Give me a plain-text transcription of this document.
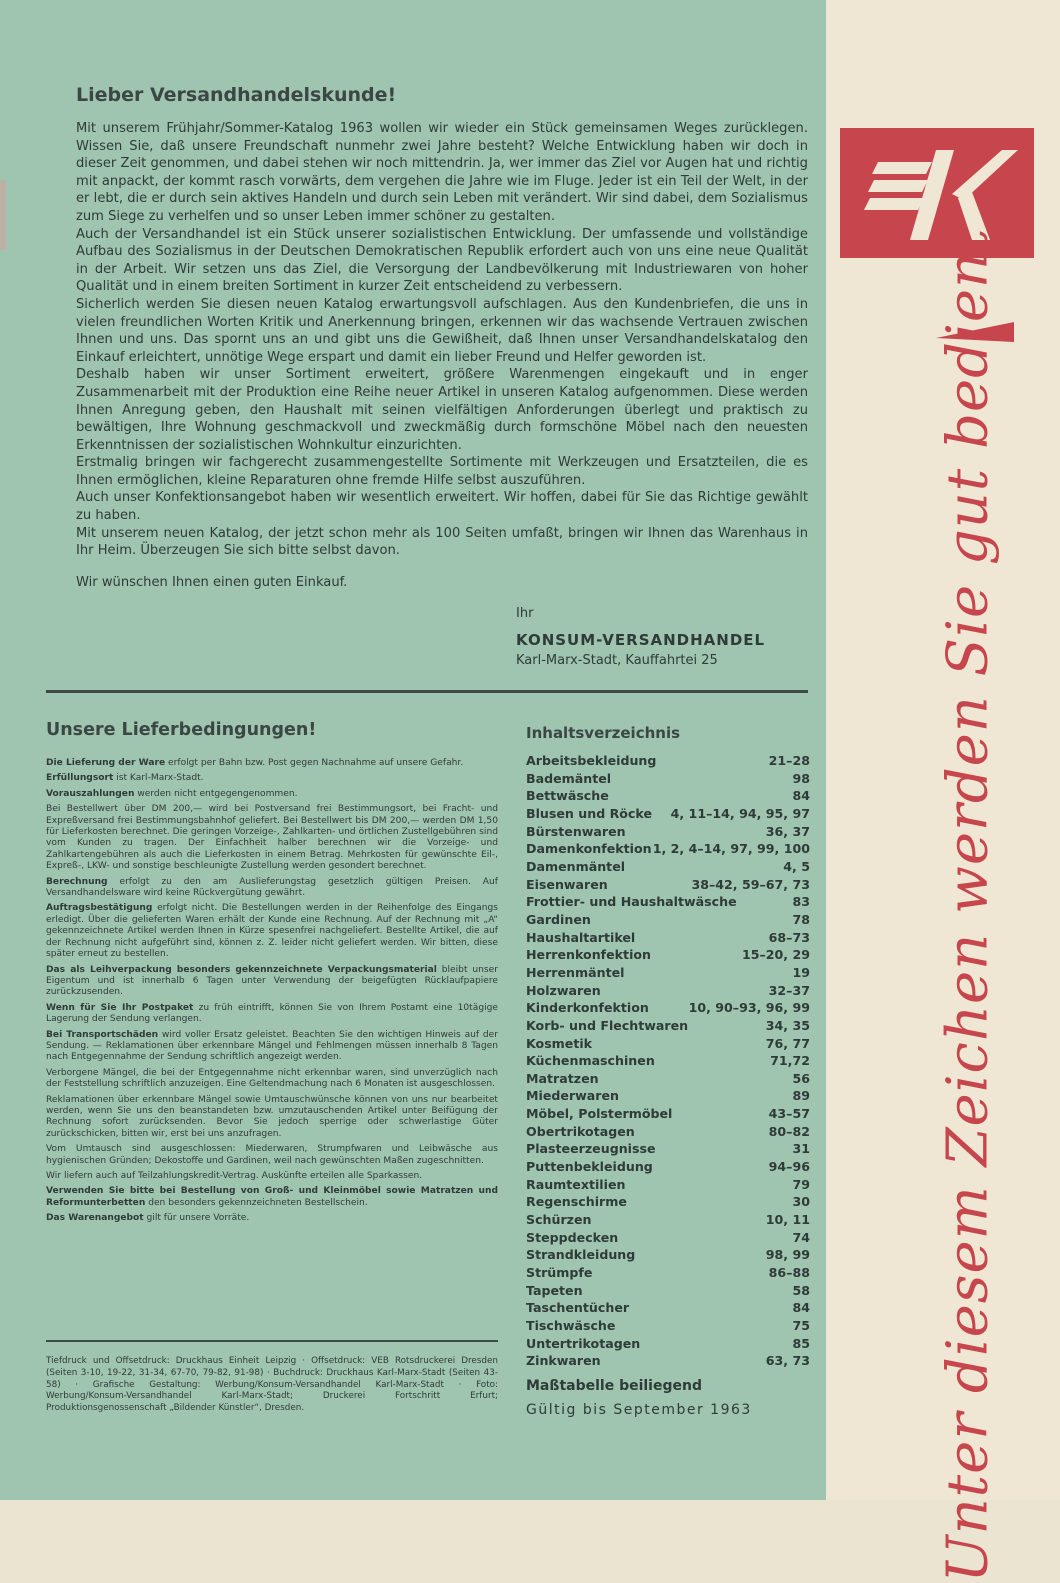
Unter diesem Zeichen werden Sie gut bedient
Lieber Versandhandelskunde!

Mit unserem Frühjahr/Sommer-Katalog 1963 wollen wir wieder ein Stück gemeinsamen Weges zurücklegen. Wissen Sie, daß unsere Freundschaft nunmehr zwei Jahre besteht? Welche Entwicklung haben wir doch in dieser Zeit genommen, und dabei stehen wir noch mittendrin. Ja, wer immer das Ziel vor Augen hat und richtig mit anpackt, der kommt rasch vorwärts, dem vergehen die Jahre wie im Fluge. Jeder ist ein Teil der Welt, in der er lebt, die er durch sein aktives Handeln und durch sein Leben mit verändert. Wir sind dabei, dem Sozialismus zum Siege zu verhelfen und so unser Leben immer schöner zu gestalten.

Auch der Versandhandel ist ein Stück unserer sozialistischen Entwicklung. Der umfassende und vollständige Aufbau des Sozialismus in der Deutschen Demokratischen Republik erfordert auch von uns eine neue Qualität in der Arbeit. Wir setzen uns das Ziel, die Versorgung der Landbevölkerung mit Industriewaren von hoher Qualität und in einem breiten Sortiment in kurzer Zeit entscheidend zu verbessern.

Sicherlich werden Sie diesen neuen Katalog erwartungsvoll aufschlagen. Aus den Kundenbriefen, die uns in vielen freundlichen Worten Kritik und Anerkennung bringen, erkennen wir das wachsende Vertrauen zwischen Ihnen und uns. Das spornt uns an und gibt uns die Gewißheit, daß Ihnen unser Versandhandelskatalog den Einkauf erleichtert, unnötige Wege erspart und damit ein lieber Freund und Helfer geworden ist.

Deshalb haben wir unser Sortiment erweitert, größere Warenmengen eingekauft und in enger Zusammenarbeit mit der Produktion eine Reihe neuer Artikel in unseren Katalog aufgenommen. Diese werden Ihnen Anregung geben, den Haushalt mit seinen vielfältigen Anforderungen überlegt und praktisch zu bewältigen, Ihre Wohnung geschmackvoll und zweckmäßig durch formschöne Möbel nach den neuesten Erkenntnissen der sozialistischen Wohnkultur einzurichten.

Erstmalig bringen wir fachgerecht zusammengestellte Sortimente mit Werkzeugen und Ersatzteilen, die es Ihnen ermöglichen, kleine Reparaturen ohne fremde Hilfe selbst auszuführen.

Auch unser Konfektionsangebot haben wir wesentlich erweitert. Wir hoffen, dabei für Sie das Richtige gewählt zu haben.

Mit unserem neuen Katalog, der jetzt schon mehr als 100 Seiten umfaßt, bringen wir Ihnen das Warenhaus in Ihr Heim. Überzeugen Sie sich bitte selbst davon.

Wir wünschen Ihnen einen guten Einkauf.
Ihr
KONSUM-VERSANDHANDEL
Karl-Marx-Stadt, Kauffahrtei 25
Unsere Lieferbedingungen!

Die Lieferung der Ware erfolgt per Bahn bzw. Post gegen Nachnahme auf unsere Gefahr.

Erfüllungsort ist Karl-Marx-Stadt.

Vorauszahlungen werden nicht entgegengenommen.

Bei Bestellwert über DM 200,— wird bei Postversand frei Bestimmungsort, bei Fracht- und Expreßversand frei Bestimmungsbahnhof geliefert. Bei Bestellwert bis DM 200,— werden DM 1,50 für Lieferkosten berechnet. Die geringen Vorzeige-, Zahlkarten- und örtlichen Zustellgebühren sind vom Kunden zu tragen. Der Einfachheit halber berechnen wir die Vorzeige- und Zahlkartengebühren als auch die Lieferkosten in einem Betrag. Mehrkosten für gewünschte Eil-, Expreß-, LKW- und sonstige beschleunigte Zustellung werden gesondert berechnet.

Berechnung erfolgt zu den am Auslieferungstag gesetzlich gültigen Preisen. Auf Versandhandelsware wird keine Rückvergütung gewährt.

Auftragsbestätigung erfolgt nicht. Die Bestellungen werden in der Reihenfolge des Eingangs erledigt. Über die gelieferten Waren erhält der Kunde eine Rechnung. Auf der Rechnung mit „A“ gekennzeichnete Artikel werden Ihnen in Kürze spesenfrei nachgeliefert. Bestellte Artikel, die auf der Rechnung nicht aufgeführt sind, können z. Z. leider nicht geliefert werden. Wir bitten, diese später erneut zu bestellen.

Das als Leihverpackung besonders gekennzeichnete Verpackungsmaterial bleibt unser Eigentum und ist innerhalb 6 Tagen unter Verwendung der beigefügten Rücklaufpapiere zurückzusenden.

Wenn für Sie Ihr Postpaket zu früh eintrifft, können Sie von Ihrem Postamt eine 10tägige Lagerung der Sendung verlangen.

Bei Transportschäden wird voller Ersatz geleistet. Beachten Sie den wichtigen Hinweis auf der Sendung. — Reklamationen über erkennbare Mängel und Fehlmengen müssen innerhalb 8 Tagen nach Entgegennahme der Sendung schriftlich angezeigt werden.

Verborgene Mängel, die bei der Entgegennahme nicht erkennbar waren, sind unverzüglich nach der Feststellung schriftlich anzuzeigen. Eine Geltendmachung nach 6 Monaten ist ausgeschlossen.

Reklamationen über erkennbare Mängel sowie Umtauschwünsche können von uns nur bearbeitet werden, wenn Sie uns den beanstandeten bzw. umzutauschenden Artikel unter Beifügung der Rechnung sofort zurücksenden. Bevor Sie jedoch sperrige oder schwerlastige Güter zurückschicken, bitten wir, erst bei uns anzufragen.

Vom Umtausch sind ausgeschlossen: Miederwaren, Strumpfwaren und Leibwäsche aus hygienischen Gründen; Dekostoffe und Gardinen, weil nach gewünschten Maßen zugeschnitten.

Wir liefern auch auf Teilzahlungskredit-Vertrag. Auskünfte erteilen alle Sparkassen.

Verwenden Sie bitte bei Bestellung von Groß- und Kleinmöbel sowie Matratzen und Reformunterbetten den besonders gekennzeichneten Bestellschein.

Das Warenangebot gilt für unsere Vorräte.

Tiefdruck und Offsetdruck: Druckhaus Einheit Leipzig · Offsetdruck: VEB Rotsdruckerei Dresden (Seiten 3-10, 19-22, 31-34, 67-70, 79-82, 91-98) · Buchdruck: Druckhaus Karl-Marx-Stadt (Seiten 43-58) · Grafische Gestaltung: Werbung/Konsum-Versandhandel Karl-Marx-Stadt · Foto: Werbung/Konsum-Versandhandel Karl-Marx-Stadt; Druckerei Fortschritt Erfurt; Produktionsgenossenschaft „Bildender Künstler“, Dresden.
Inhaltsverzeichnis
Arbeitsbekleidung	21–28
Bademäntel	98
Bettwäsche	84
Blusen und Röcke 4, 11–14, 94, 95, 97
Bürstenwaren	36, 37
Damenkonfektion 1, 2, 4–14, 97, 99, 100
Damenmäntel	4, 5
Eisenwaren	38–42, 59–67, 73
Frottier- und Haushaltwäsche	83
Gardinen	78
Haushaltartikel	68–73
Herrenkonfektion	15–20, 29
Herrenmäntel	19
Holzwaren	32–37
Kinderkonfektion	10, 90–93, 96, 99
Korb- und Flechtwaren	34, 35
Kosmetik	76, 77
Küchenmaschinen	71,72
Matratzen	56
Miederwaren	89
Möbel, Polstermöbel	43–57
Obertrikotagen	80–82
Plasteerzeugnisse	31
Puttenbekleidung	94–96
Raumtextilien	79
Regenschirme	30
Schürzen	10, 11
Steppdecken	74
Strandkleidung	98, 99
Strümpfe	86–88
Tapeten	58
Taschentücher	84
Tischwäsche	75
Untertrikotagen	85
Zinkwaren	63, 73
Maßtabelle beiliegend
Gültig bis September 1963
